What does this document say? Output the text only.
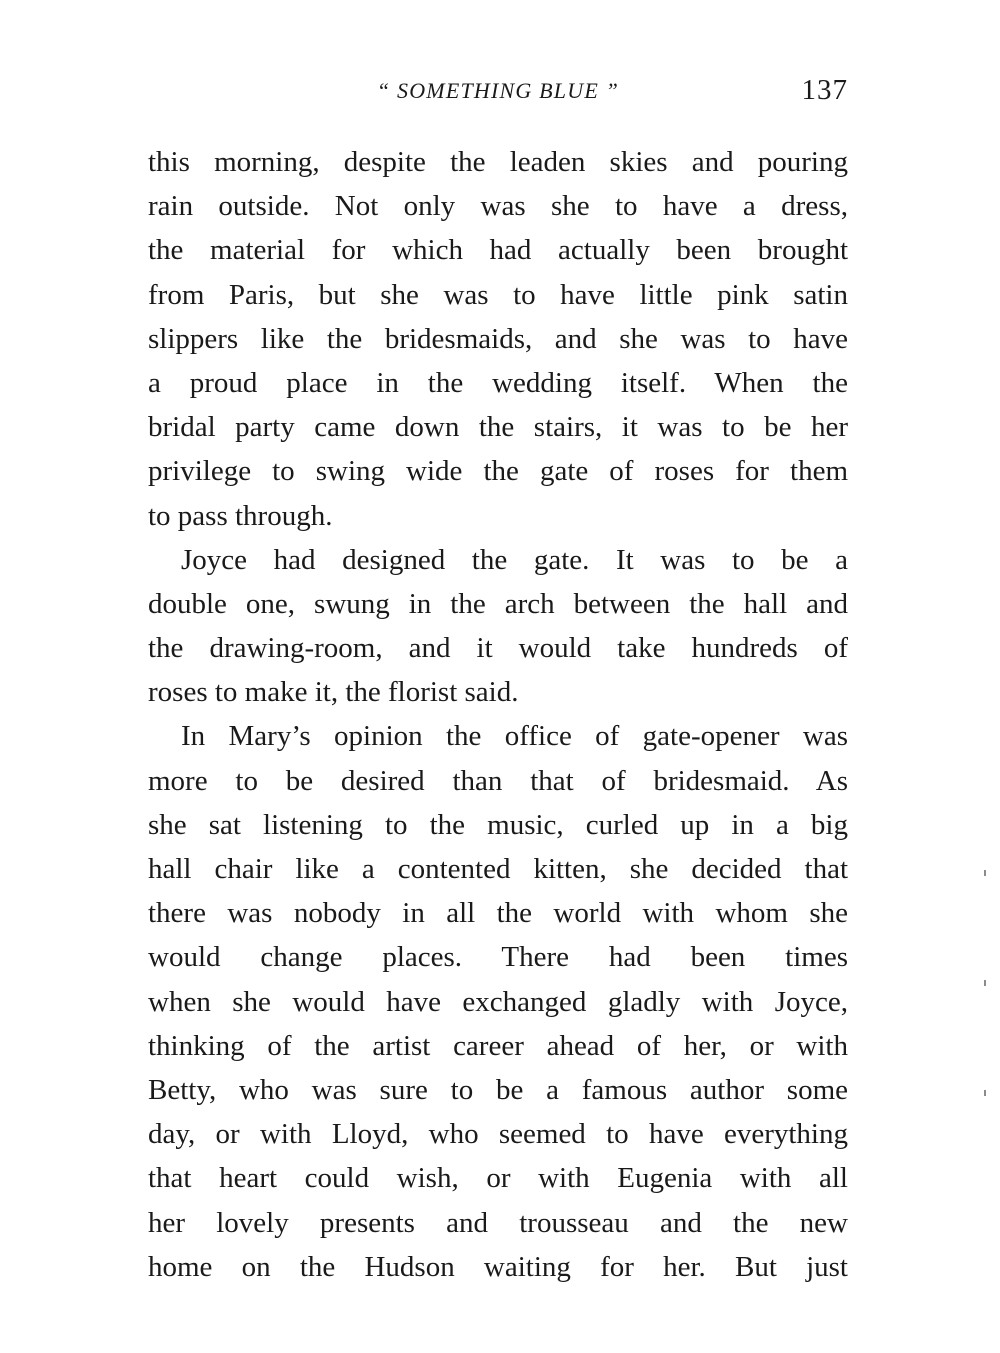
“ SOMETHING BLUE ”	137
this morning, despite the leaden skies and pouring
rain outside. Not only was she to have a dress,
the material for which had actually been brought
from Paris, but she was to have little pink satin
slippers like the bridesmaids, and she was to have
a proud place in the wedding itself. When the
bridal party came down the stairs, it was to be her
privilege to swing wide the gate of roses for them
to pass through.
Joyce had designed the gate. It was to be a
double one, swung in the arch between the hall and
the drawing-room, and it would take hundreds of
roses to make it, the florist said.
In Mary’s opinion the office of gate-opener was
more to be desired than that of bridesmaid. As
she sat listening to the music, curled up in a big
hall chair like a contented kitten, she decided that
there was nobody in all the world with whom she
would change places. There had been times
when she would have exchanged gladly with Joyce,
thinking of the artist career ahead of her, or with
Betty, who was sure to be a famous author some
day, or with Lloyd, who seemed to have everything
that heart could wish, or with Eugenia with all
her lovely presents and trousseau and the new
home on the Hudson waiting for her. But just
